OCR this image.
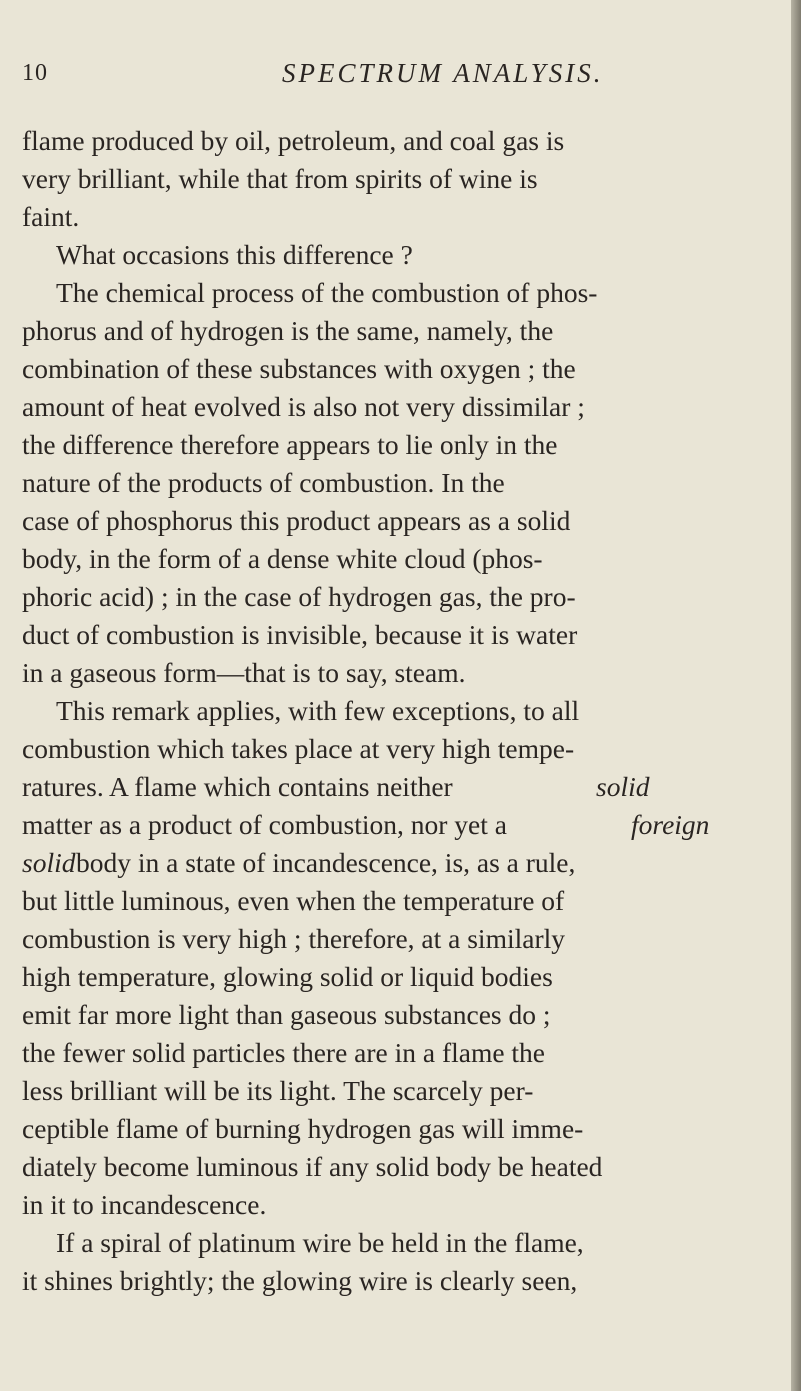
10	SPECTRUM ANALYSIS.
flame produced by oil, petroleum, and coal gas is
very brilliant, while that from spirits of wine is
faint.
What occasions this difference ?
The chemical process of the combustion of phos-
phorus and of hydrogen is the same, namely, the
combination of these substances with oxygen ; the
amount of heat evolved is also not very dissimilar ;
the difference therefore appears to lie only in the
nature of the products of combustion. In the
case of phosphorus this product appears as a solid
body, in the form of a dense white cloud (phos-
phoric acid) ; in the case of hydrogen gas, the pro-
duct of combustion is invisible, because it is water
in a gaseous form—that is to say, steam.
This remark applies, with few exceptions, to all
combustion which takes place at very high tempe-
ratures. A flame which contains neither	solid
matter as a product of combustion, nor yet a	foreign
solid body in a state of incandescence, is, as a rule,
but little luminous, even when the temperature of
combustion is very high ; therefore, at a similarly
high temperature, glowing solid or liquid bodies
emit far more light than gaseous substances do ;
the fewer solid particles there are in a flame the
less brilliant will be its light. The scarcely per-
ceptible flame of burning hydrogen gas will imme-
diately become luminous if any solid body be heated
in it to incandescence.
If a spiral of platinum wire be held in the flame,
it shines brightly; the glowing wire is clearly seen,
